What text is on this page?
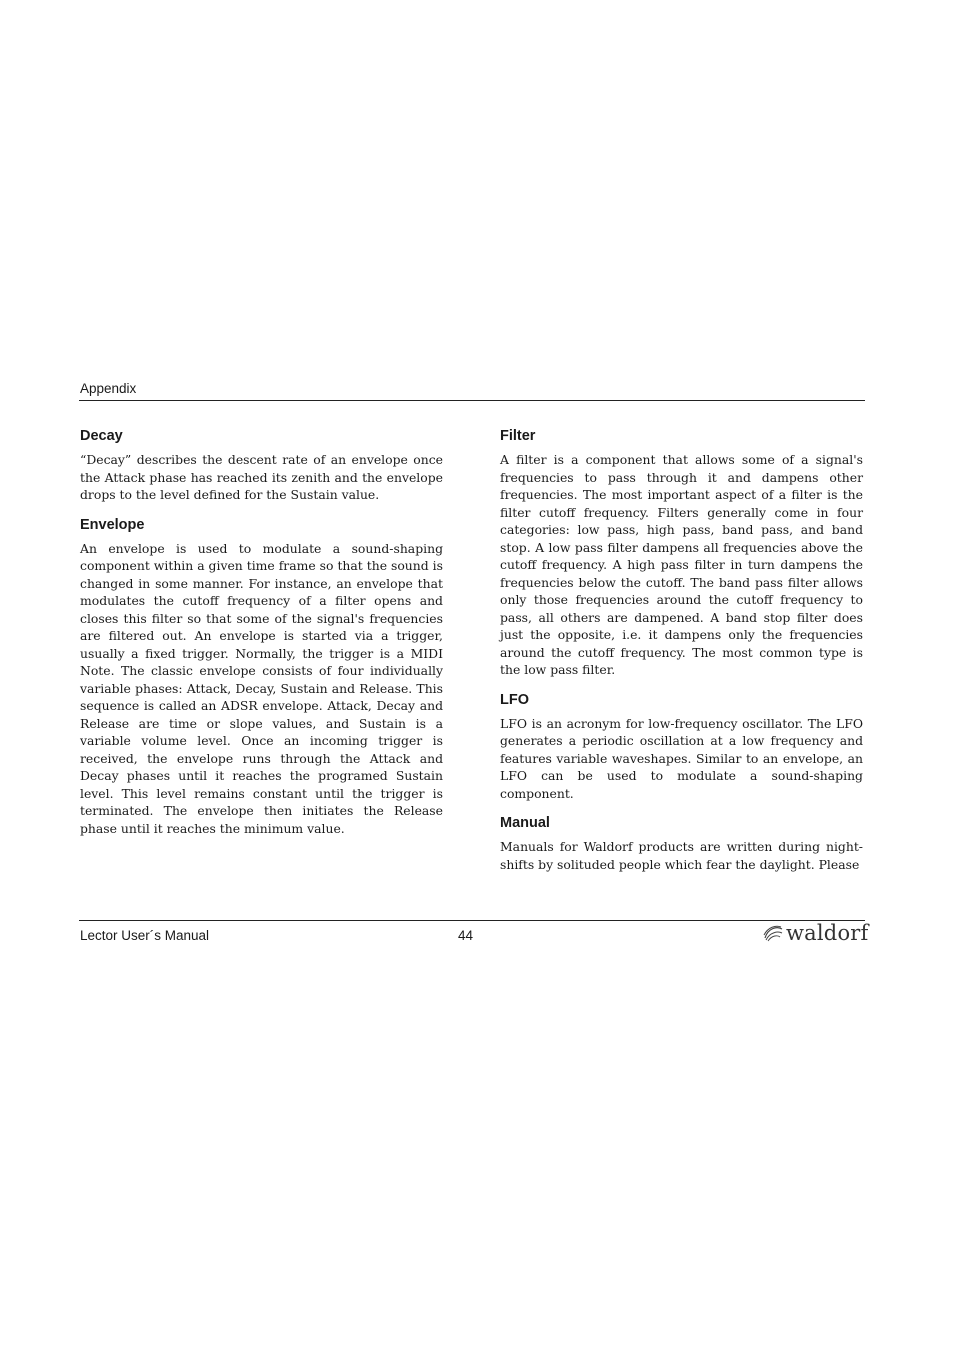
Appendix
Decay

“Decay” describes the descent rate of an envelope once the Attack phase has reached its zenith and the envelope drops to the level defined for the Sustain value.

Envelope

An envelope is used to modulate a sound-shaping component within a given time frame so that the sound is changed in some manner. For instance, an envelope that modulates the cutoff frequency of a filter opens and closes this filter so that some of the signal's frequencies are filtered out. An envelope is started via a trigger, usually a fixed trigger. Normally, the trigger is a MIDI Note. The classic envelope consists of four individually variable phases: Attack, Decay, Sustain and Release. This sequence is called an ADSR envelope. Attack, Decay and Release are time or slope values, and Sustain is a variable volume level. Once an incoming trigger is received, the envelope runs through the Attack and Decay phases until it reaches the programed Sustain level. This level remains constant until the trigger is terminated. The envelope then initiates the Release phase until it reaches the minimum value.

Filter

A filter is a component that allows some of a signal's frequencies to pass through it and dampens other frequencies. The most important aspect of a filter is the filter cutoff frequency. Filters generally come in four categories: low pass, high pass, band pass, and band stop. A low pass filter dampens all frequencies above the cutoff frequency. A high pass filter in turn dampens the frequencies below the cutoff. The band pass filter allows only those frequencies around the cutoff frequency to pass, all others are dampened. A band stop filter does just the opposite, i.e. it dampens only the frequencies around the cutoff frequency. The most common type is the low pass filter.

LFO

LFO is an acronym for low-frequency oscillator. The LFO generates a periodic oscillation at a low frequency and features variable waveshapes. Similar to an envelope, an LFO can be used to modulate a sound-shaping component.

Manual

Manuals for Waldorf products are written during night-shifts by solituded people which fear the daylight. Please

Lector User´s Manual	44	waldorf
